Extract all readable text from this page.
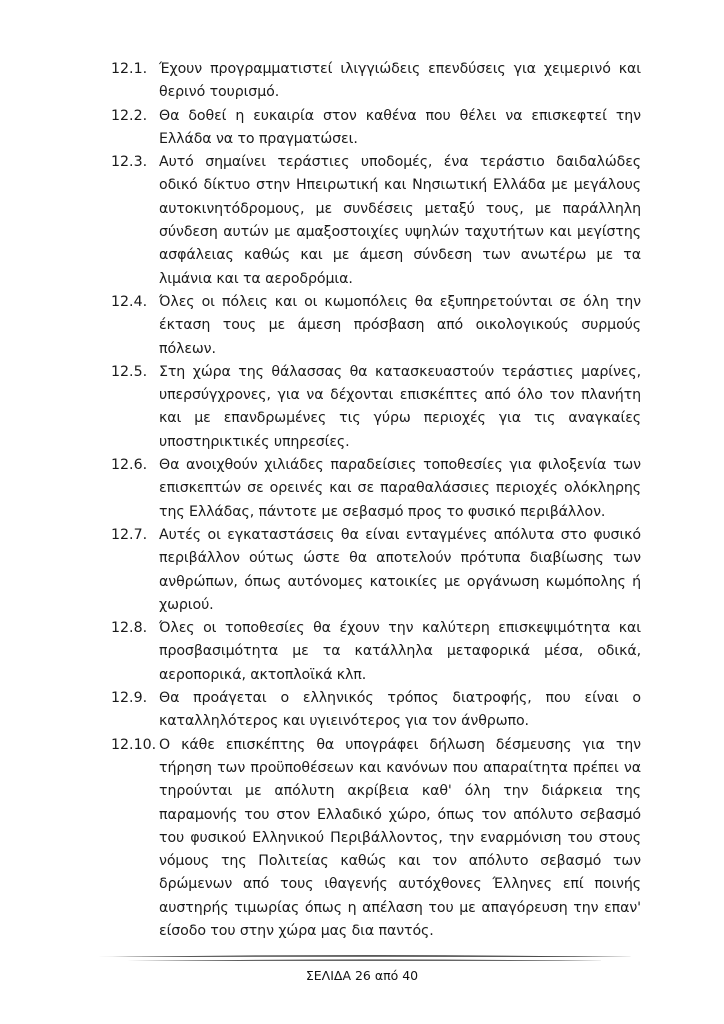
12.1. Έχουν προγραμματιστεί ιλιγγιώδεις επενδύσεις για χειμερινό και θερινό τουρισμό.
12.2. Θα δοθεί η ευκαιρία στον καθένα που θέλει να επισκεφτεί την Ελλάδα να το πραγματώσει.
12.3. Αυτό σημαίνει τεράστιες υποδομές, ένα τεράστιο δαιδαλώδες οδικό δίκτυο στην Ηπειρωτική και Νησιωτική Ελλάδα με μεγάλους αυτοκινητόδρομους, με συνδέσεις μεταξύ τους, με παράλληλη σύνδεση αυτών με αμαξοστοιχίες υψηλών ταχυτήτων και μεγίστης ασφάλειας καθώς και με άμεση σύνδεση των ανωτέρω με τα λιμάνια και τα αεροδρόμια.
12.4. Όλες οι πόλεις και οι κωμοπόλεις θα εξυπηρετούνται σε όλη την έκταση τους με άμεση πρόσβαση από οικολογικούς συρμούς πόλεων.
12.5. Στη χώρα της θάλασσας θα κατασκευαστούν τεράστιες μαρίνες, υπερσύγχρονες, για να δέχονται επισκέπτες από όλο τον πλανήτη και με επανδρωμένες τις γύρω περιοχές για τις αναγκαίες υποστηρικτικές υπηρεσίες.
12.6. Θα ανοιχθούν χιλιάδες παραδείσιες τοποθεσίες για φιλοξενία των επισκεπτών σε ορεινές και σε παραθαλάσσιες περιοχές ολόκληρης της Ελλάδας, πάντοτε με σεβασμό προς το φυσικό περιβάλλον.
12.7. Αυτές οι εγκαταστάσεις θα είναι ενταγμένες απόλυτα στο φυσικό περιβάλλον ούτως ώστε θα αποτελούν πρότυπα διαβίωσης των ανθρώπων, όπως αυτόνομες κατοικίες με οργάνωση κωμόπολης ή χωριού.
12.8. Όλες οι τοποθεσίες θα έχουν την καλύτερη επισκεψιμότητα και προσβασιμότητα με τα κατάλληλα μεταφορικά μέσα, οδικά, αεροπορικά, ακτοπλοϊκά κλπ.
12.9. Θα προάγεται ο ελληνικός τρόπος διατροφής, που είναι ο καταλληλότερος και υγιεινότερος για τον άνθρωπο.
12.10. Ο κάθε επισκέπτης θα υπογράφει δήλωση δέσμευσης για την τήρηση των προϋποθέσεων και κανόνων που απαραίτητα πρέπει να τηρούνται με απόλυτη ακρίβεια καθ' όλη την διάρκεια της παραμονής του στον Ελλαδικό χώρο, όπως τον απόλυτο σεβασμό του φυσικού Ελληνικού Περιβάλλοντος, την εναρμόνιση του στους νόμους της Πολιτείας καθώς και τον απόλυτο σεβασμό των δρώμενων από τους ιθαγενής αυτόχθονες Έλληνες επί ποινής αυστηρής τιμωρίας όπως η απέλαση του με απαγόρευση την επαν' είσοδο του στην χώρα μας δια παντός.
ΣΕΛΙΔΑ 26 από 40
